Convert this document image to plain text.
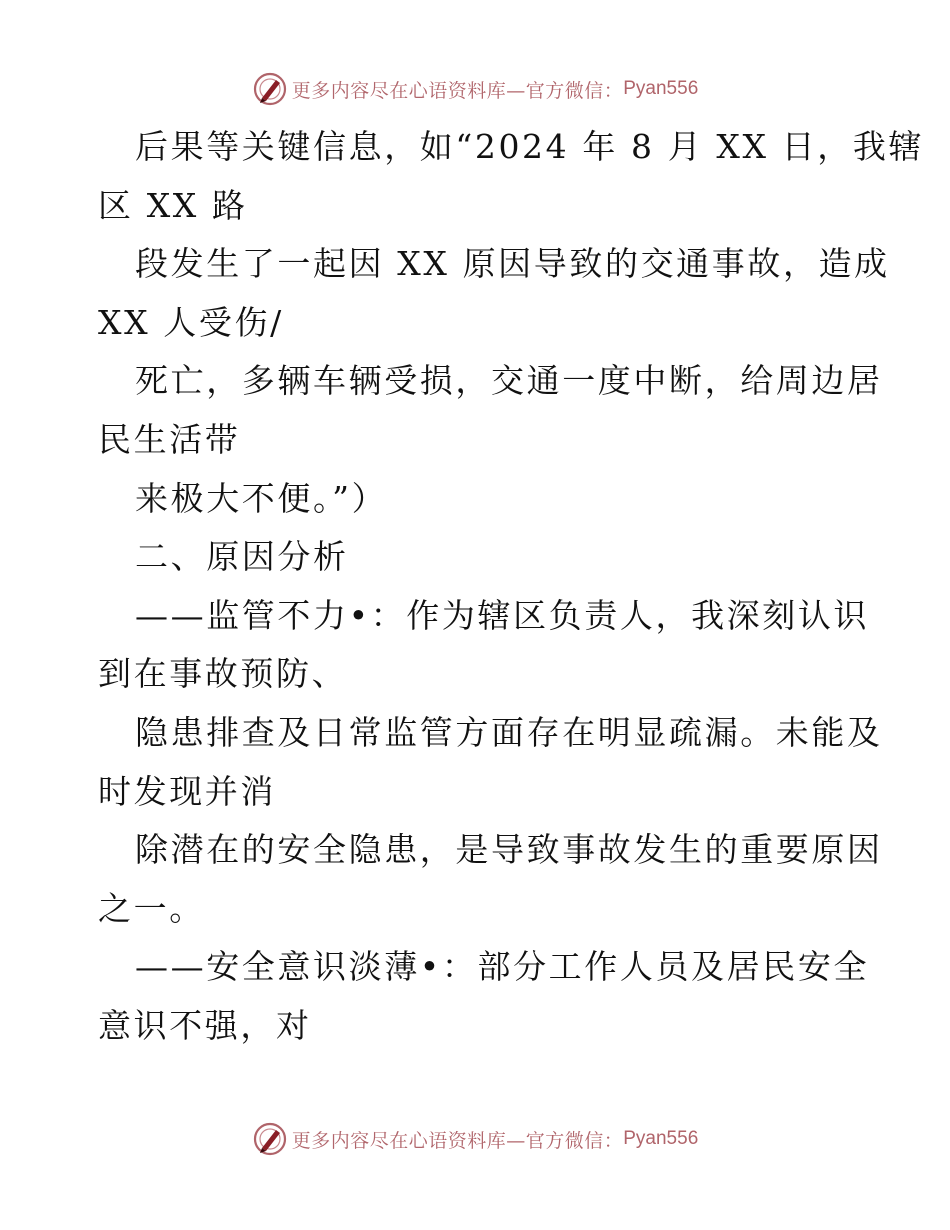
更多内容尽在心语资料库—官方微信： Pyan556
后果等关键信息，如“2024 年 8 月 XX 日，我辖
区 XX 路
段发生了一起因 XX 原因导致的交通事故，造成
XX 人受伤/
死亡，多辆车辆受损，交通一度中断，给周边居
民生活带
来极大不便。”）
二、原因分析
——监管不力•：作为辖区负责人，我深刻认识
到在事故预防、
隐患排查及日常监管方面存在明显疏漏。未能及
时发现并消
除潜在的安全隐患，是导致事故发生的重要原因
之一。
——安全意识淡薄•：部分工作人员及居民安全
意识不强，对
更多内容尽在心语资料库—官方微信： Pyan556
